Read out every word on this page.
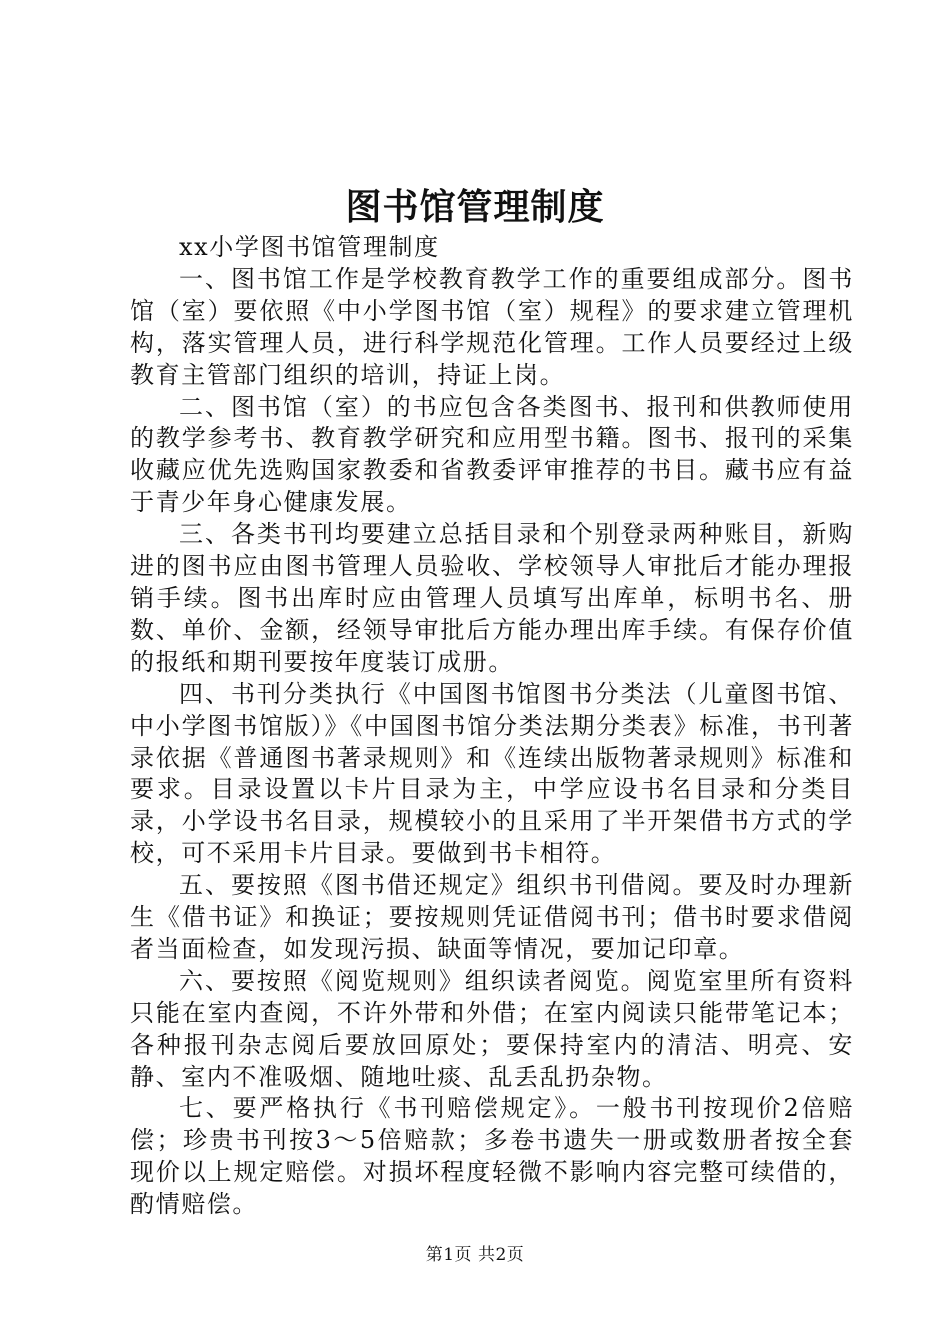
图书馆管理制度

xx小学图书馆管理制度

一、图书馆工作是学校教育教学工作的重要组成部分。图书馆（室）要依照《中小学图书馆（室）规程》的要求建立管理机构，落实管理人员，进行科学规范化管理。工作人员要经过上级教育主管部门组织的培训，持证上岗。

二、图书馆（室）的书应包含各类图书、报刊和供教师使用的教学参考书、教育教学研究和应用型书籍。图书、报刊的采集收藏应优先选购国家教委和省教委评审推荐的书目。藏书应有益于青少年身心健康发展。

三、各类书刊均要建立总括目录和个别登录两种账目，新购进的图书应由图书管理人员验收、学校领导人审批后才能办理报销手续。图书出库时应由管理人员填写出库单，标明书名、册数、单价、金额，经领导审批后方能办理出库手续。有保存价值的报纸和期刊要按年度装订成册。

四、书刊分类执行《中国图书馆图书分类法（儿童图书馆、中小学图书馆版）》《中国图书馆分类法期分类表》标准，书刊著录依据《普通图书著录规则》和《连续出版物著录规则》标准和要求。目录设置以卡片目录为主，中学应设书名目录和分类目录，小学设书名目录，规模较小的且采用了半开架借书方式的学校，可不采用卡片目录。要做到书卡相符。

五、要按照《图书借还规定》组织书刊借阅。要及时办理新生《借书证》和换证；要按规则凭证借阅书刊；借书时要求借阅者当面检查，如发现污损、缺面等情况，要加记印章。

六、要按照《阅览规则》组织读者阅览。阅览室里所有资料只能在室内查阅，不许外带和外借；在室内阅读只能带笔记本；各种报刊杂志阅后要放回原处；要保持室内的清洁、明亮、安静、室内不准吸烟、随地吐痰、乱丢乱扔杂物。

七、要严格执行《书刊赔偿规定》。一般书刊按现价2倍赔偿；珍贵书刊按3～5倍赔款；多卷书遗失一册或数册者按全套现价以上规定赔偿。对损坏程度轻微不影响内容完整可续借的，酌情赔偿。

第1页 共2页
